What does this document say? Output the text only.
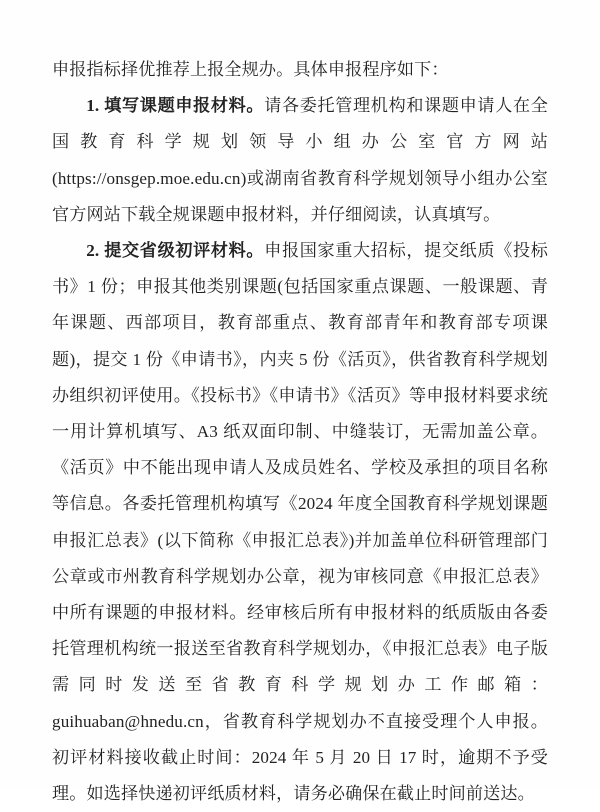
申报指标择优推荐上报全规办。具体申报程序如下：

1. 填写课题申报材料。请各委托管理机构和课题申请人在全国教育科学规划领导小组办公室官方网站(https://onsgep.moe.edu.cn)或湖南省教育科学规划领导小组办公室官方网站下载全规课题申报材料，并仔细阅读，认真填写。

2. 提交省级初评材料。申报国家重大招标，提交纸质《投标书》1 份；申报其他类别课题(包括国家重点课题、一般课题、青年课题、西部项目，教育部重点、教育部青年和教育部专项课题)，提交 1 份《申请书》，内夹 5 份《活页》，供省教育科学规划办组织初评使用。《投标书》《申请书》《活页》等申报材料要求统一用计算机填写、A3 纸双面印制、中缝装订，无需加盖公章。《活页》中不能出现申请人及成员姓名、学校及承担的项目名称等信息。各委托管理机构填写《2024 年度全国教育科学规划课题申报汇总表》(以下简称《申报汇总表》)并加盖单位科研管理部门公章或市州教育科学规划办公章，视为审核同意《申报汇总表》中所有课题的申报材料。经审核后所有申报材料的纸质版由各委托管理机构统一报送至省教育科学规划办，《申报汇总表》电子版需同时发送至省教育科学规划办工作邮箱：guihuaban@hnedu.cn，省教育科学规划办不直接受理个人申报。初评材料接收截止时间：2024 年 5 月 20 日 17 时，逾期不予受理。如选择快递初评纸质材料，请务必确保在截止时间前送达。
